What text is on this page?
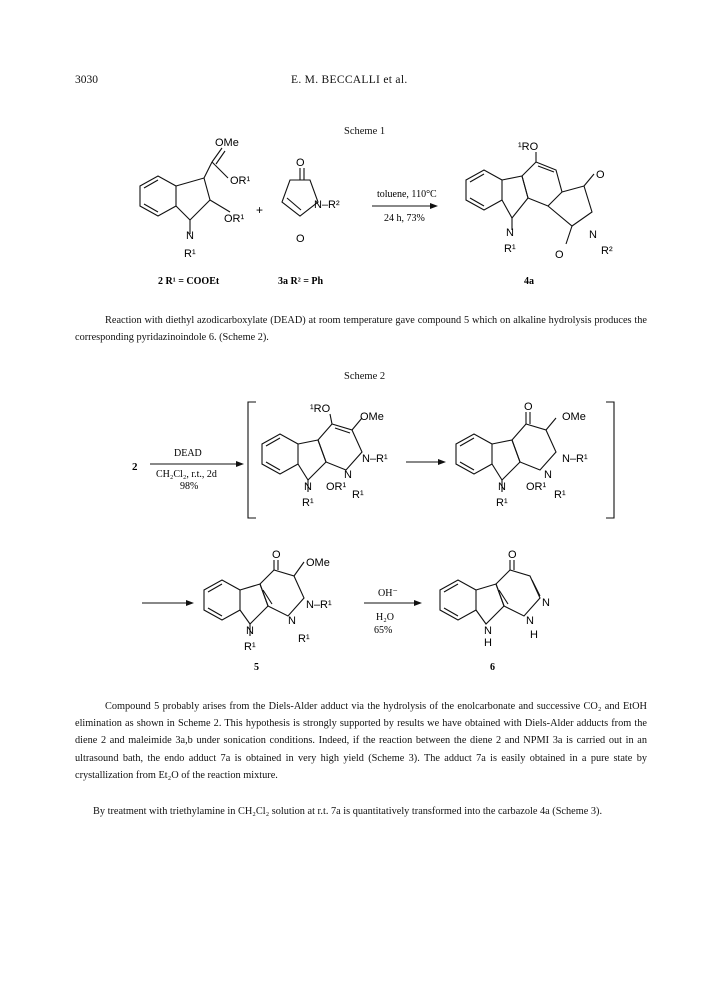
3030	E. M. BECCALLI et al.
Scheme 1
OMe
OR¹
OR¹
N
R¹
+
O
N–R²
O
toluene, 110°C
24 h, 73%
¹RO
O
N
R²
O
N
R¹
2 R¹ = COOEt	3a R² = Ph	4a
2
DEAD
CH₂Cl₂, r.t., 2d
98%
¹RO
OMe
N–R¹
N
OR¹
R¹
N
R¹
O
OMe
N–R¹
N
OR¹
R¹
N
R¹
O
OMe
N–R¹
N
R¹
N
R¹
5
OH⁻
H₂O
65%
O
N
N
H
N
H
6
Reaction with diethyl azodicarboxylate (DEAD) at room temperature gave compound 5 which on alkaline hydrolysis produces the corresponding pyridazinoindole 6. (Scheme 2).
Scheme 2
Compound 5 probably arises from the Diels-Alder adduct via the hydrolysis of the enolcarbonate and successive CO₂ and EtOH elimination as shown in Scheme 2. This hypothesis is strongly supported by results we have obtained with Diels-Alder adducts from the diene 2 and maleimide 3a,b under sonication conditions. Indeed, if the reaction between the diene 2 and NPMI 3a is carried out in an ultrasound bath, the endo adduct 7a is obtained in very high yield (Scheme 3). The adduct 7a is easily obtained in a pure state by crystallization from Et₂O of the reaction mixture.
By treatment with triethylamine in CH₂Cl₂ solution at r.t. 7a is quantitatively transformed into the carbazole 4a (Scheme 3).
